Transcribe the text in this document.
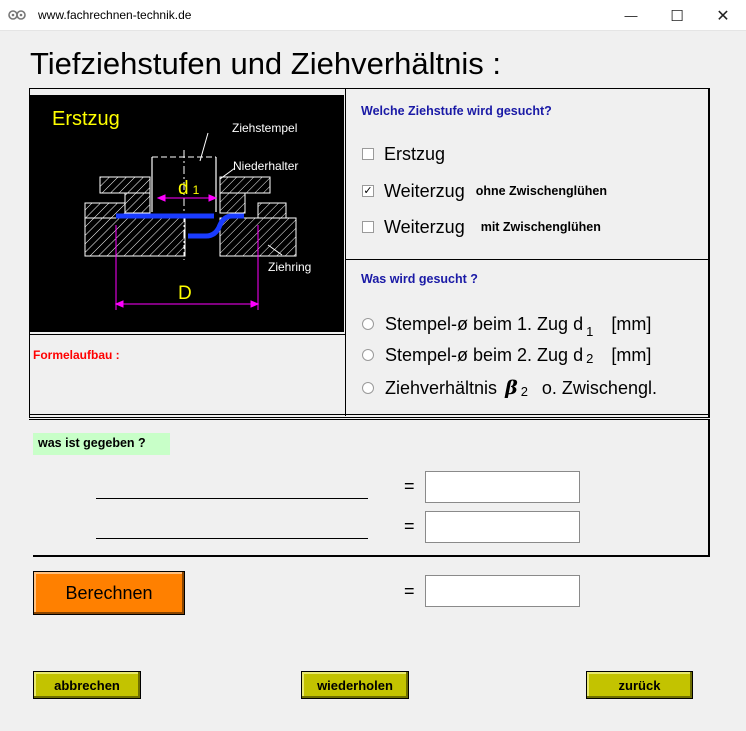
www.fachrechnen-technik.de	— ☐ ✕
Tiefziehstufen und Ziehverhältnis :
Erstzug
d 1
D
Ziehstempel
Niederhalter
Ziehring
Formelaufbau :
Welche Ziehstufe wird gesucht?
Erstzug
✓ Weiterzug ohne Zwischenglühen
Weiterzug mit Zwischenglühen
Was wird gesucht ?
Stempel-ø beim 1. Zug d 1 [mm]
Stempel-ø beim 2. Zug d 2 [mm]
Ziehverhältnis β 2 o. Zwischengl.
was ist gegeben ?
=
=
Berechnen	=
abbrechen	wiederholen	zurück
